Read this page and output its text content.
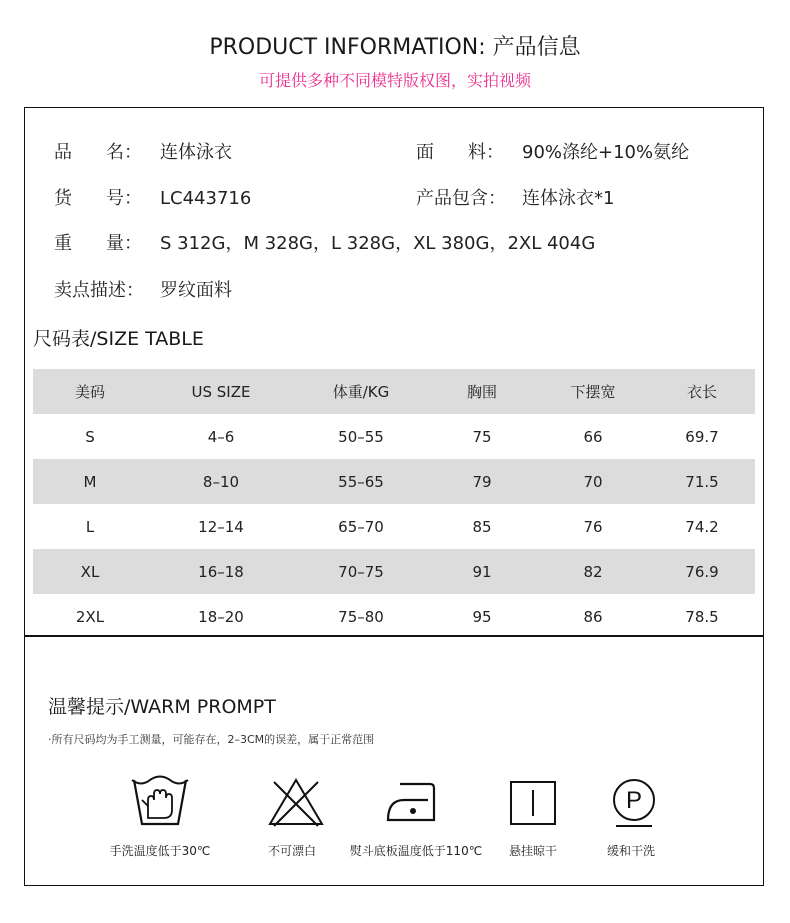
PRODUCT INFORMATION: 产品信息
可提供多种不同模特版权图，实拍视频
品 名： 连体泳衣	面 料： 90%涤纶+10%氨纶
货 号： LC443716	产品包含： 连体泳衣*1
重 量： S 312G，M 328G，L 328G，XL 380G，2XL 404G
卖点描述： 罗纹面料
尺码表/SIZE TABLE
美码	US SIZE	体重/KG	胸围	下摆宽	衣长
S	4–6	50–55	75	66	69.7
M	8–10	55–65	79	70	71.5
L	12–14	65–70	85	76	74.2
XL	16–18	70–75	91	82	76.9
2XL	18–20	75–80	95	86	78.5
温馨提示/WARM PROMPT
·所有尺码均为手工测量，可能存在，2–3CM的误差，属于正常范围
P
手洗温度低于30℃	不可漂白	熨斗底板温度低于110℃	悬挂晾干	缓和干洗
